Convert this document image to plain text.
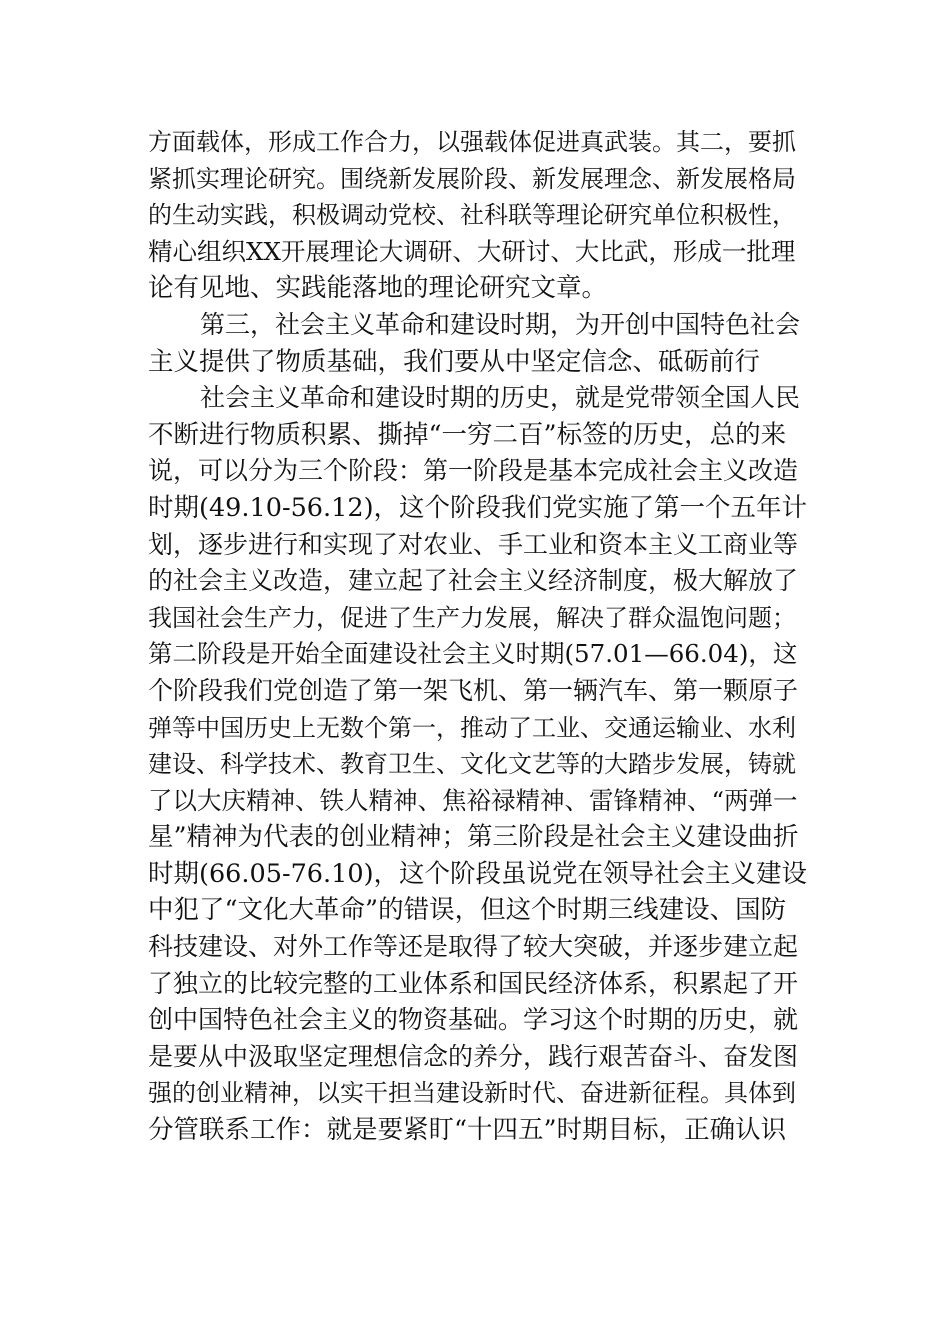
方面载体，形成工作合力，以强载体促进真武装。其二，要抓
紧抓实理论研究。围绕新发展阶段、新发展理念、新发展格局
的生动实践，积极调动党校、社科联等理论研究单位积极性，
精心组织XX开展理论大调研、大研讨、大比武，形成一批理
论有见地、实践能落地的理论研究文章。
第三，社会主义革命和建设时期，为开创中国特色社会
主义提供了物质基础，我们要从中坚定信念、砥砺前行
社会主义革命和建设时期的历史，就是党带领全国人民
不断进行物质积累、撕掉“一穷二百”标签的历史，总的来
说，可以分为三个阶段：第一阶段是基本完成社会主义改造
时期(49.10-56.12)，这个阶段我们党实施了第一个五年计
划，逐步进行和实现了对农业、手工业和资本主义工商业等
的社会主义改造，建立起了社会主义经济制度，极大解放了
我国社会生产力，促进了生产力发展，解决了群众温饱问题；
第二阶段是开始全面建设社会主义时期(57.01—66.04)，这
个阶段我们党创造了第一架飞机、第一辆汽车、第一颗原子
弹等中国历史上无数个第一，推动了工业、交通运输业、水利
建设、科学技术、教育卫生、文化文艺等的大踏步发展，铸就
了以大庆精神、铁人精神、焦裕禄精神、雷锋精神、“两弹一
星”精神为代表的创业精神；第三阶段是社会主义建设曲折
时期(66.05-76.10)，这个阶段虽说党在领导社会主义建设
中犯了“文化大革命”的错误，但这个时期三线建设、国防
科技建设、对外工作等还是取得了较大突破，并逐步建立起
了独立的比较完整的工业体系和国民经济体系，积累起了开
创中国特色社会主义的物资基础。学习这个时期的历史，就
是要从中汲取坚定理想信念的养分，践行艰苦奋斗、奋发图
强的创业精神，以实干担当建设新时代、奋进新征程。具体到
分管联系工作：就是要紧盯“十四五”时期目标，正确认识
